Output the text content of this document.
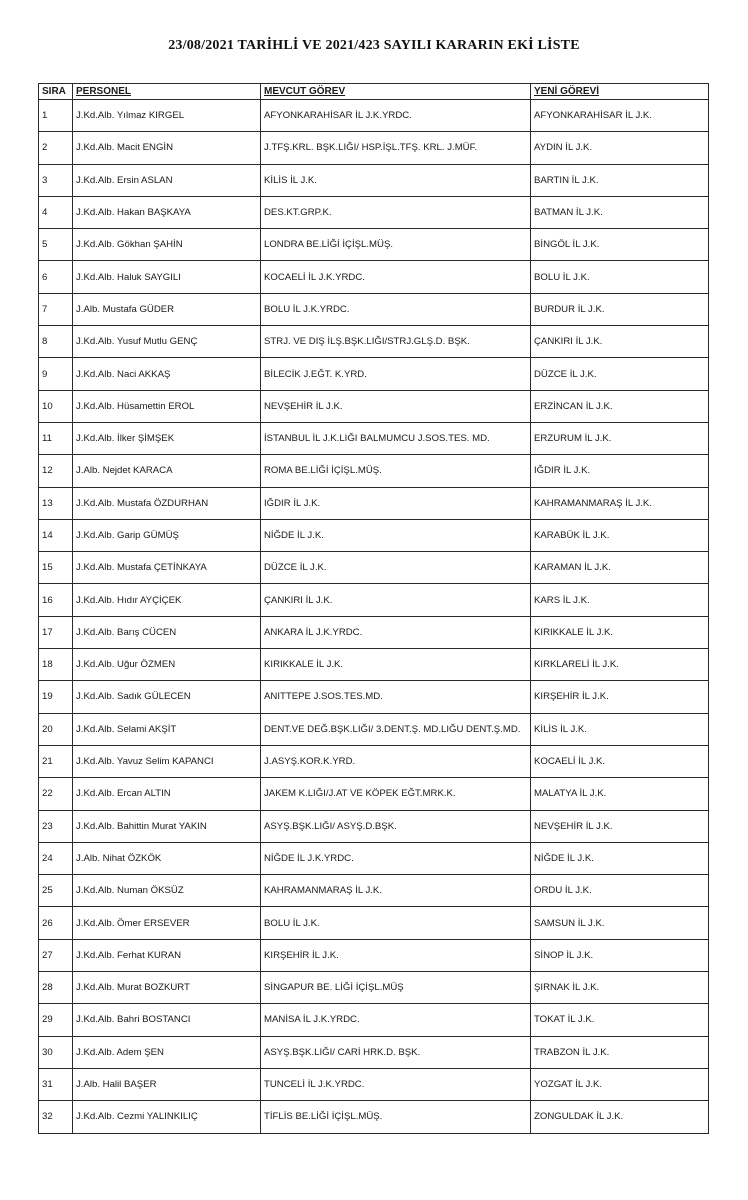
23/08/2021 TARİHLİ VE 2021/423 SAYILI KARARIN EKİ LİSTE
SIRA	PERSONEL	MEVCUT GÖREV	YENİ GÖREVİ
1	J.Kd.Alb. Yılmaz KIRGEL	AFYONKARAHİSAR İL J.K.YRDC.	AFYONKARAHİSAR İL J.K.
2	J.Kd.Alb. Macit ENGİN	J.TFŞ.KRL. BŞK.LIĞI/ HSP.İŞL.TFŞ. KRL. J.MÜF.	AYDIN İL J.K.
3	J.Kd.Alb. Ersin ASLAN	KİLİS İL J.K.	BARTIN İL J.K.
4	J.Kd.Alb. Hakan BAŞKAYA	DES.KT.GRP.K.	BATMAN İL J.K.
5	J.Kd.Alb. Gökhan ŞAHİN	LONDRA BE.LİĞİ İÇİŞL.MÜŞ.	BİNGÖL İL J.K.
6	J.Kd.Alb. Haluk SAYGILI	KOCAELİ İL J.K.YRDC.	BOLU İL J.K.
7	J.Alb. Mustafa GÜDER	BOLU İL J.K.YRDC.	BURDUR İL J.K.
8	J.Kd.Alb. Yusuf Mutlu GENÇ	STRJ. VE DIŞ İLŞ.BŞK.LIĞI/STRJ.GLŞ.D. BŞK.	ÇANKIRI İL J.K.
9	J.Kd.Alb. Naci AKKAŞ	BİLECİK J.EĞT. K.YRD.	DÜZCE İL J.K.
10	J.Kd.Alb. Hüsamettin EROL	NEVŞEHİR İL J.K.	ERZİNCAN İL J.K.
11	J.Kd.Alb. İlker ŞİMŞEK	İSTANBUL İL J.K.LIĞI BALMUMCU J.SOS.TES. MD.	ERZURUM İL J.K.
12	J.Alb. Nejdet KARACA	ROMA BE.LİĞİ İÇİŞL.MÜŞ.	IĞDIR İL J.K.
13	J.Kd.Alb. Mustafa ÖZDURHAN	IĞDIR İL J.K.	KAHRAMANMARAŞ İL J.K.
14	J.Kd.Alb. Garip GÜMÜŞ	NİĞDE İL J.K.	KARABÜK İL J.K.
15	J.Kd.Alb. Mustafa ÇETİNKAYA	DÜZCE İL J.K.	KARAMAN İL J.K.
16	J.Kd.Alb. Hıdır AYÇİÇEK	ÇANKIRI İL J.K.	KARS İL J.K.
17	J.Kd.Alb. Barış CÜCEN	ANKARA İL J.K.YRDC.	KIRIKKALE İL J.K.
18	J.Kd.Alb. Uğur ÖZMEN	KIRIKKALE İL J.K.	KIRKLARELİ İL J.K.
19	J.Kd.Alb. Sadık GÜLECEN	ANITTEPE J.SOS.TES.MD.	KIRŞEHİR İL J.K.
20	J.Kd.Alb. Selami AKŞİT	DENT.VE DEĞ.BŞK.LIĞI/ 3.DENT.Ş. MD.LIĞU DENT.Ş.MD.	KİLİS İL J.K.
21	J.Kd.Alb. Yavuz Selim KAPANCI	J.ASYŞ.KOR.K.YRD.	KOCAELİ İL J.K.
22	J.Kd.Alb. Ercan ALTIN	JAKEM K.LIĞI/J.AT VE KÖPEK EĞT.MRK.K.	MALATYA İL J.K.
23	J.Kd.Alb. Bahittin Murat YAKIN	ASYŞ.BŞK.LIĞI/ ASYŞ.D.BŞK.	NEVŞEHİR İL J.K.
24	J.Alb. Nihat ÖZKÖK	NİĞDE İL J.K.YRDC.	NİĞDE İL J.K.
25	J.Kd.Alb. Numan ÖKSÜZ	KAHRAMANMARAŞ İL J.K.	ORDU İL J.K.
26	J.Kd.Alb. Ömer ERSEVER	BOLU İL J.K.	SAMSUN İL J.K.
27	J.Kd.Alb. Ferhat KURAN	KIRŞEHİR İL J.K.	SİNOP İL J.K.
28	J.Kd.Alb. Murat BOZKURT	SİNGAPUR BE. LİĞİ İÇİŞL.MÜŞ	ŞIRNAK İL J.K.
29	J.Kd.Alb. Bahri BOSTANCI	MANİSA İL J.K.YRDC.	TOKAT İL J.K.
30	J.Kd.Alb. Adem ŞEN	ASYŞ.BŞK.LIĞI/ CARİ HRK.D. BŞK.	TRABZON İL J.K.
31	J.Alb. Halil BAŞER	TUNCELİ İL J.K.YRDC.	YOZGAT İL J.K.
32	J.Kd.Alb. Cezmi YALINKILIÇ	TİFLİS BE.LİĞİ İÇİŞL.MÜŞ.	ZONGULDAK İL J.K.
